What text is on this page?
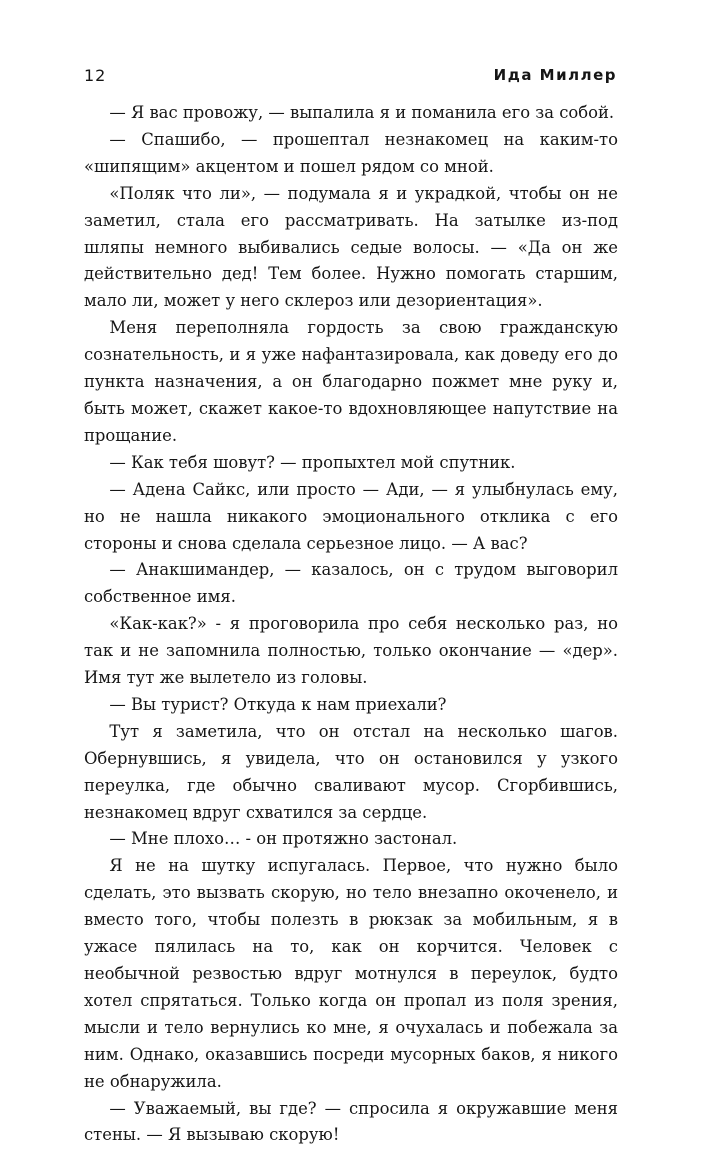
12	Ида Миллер

— Я вас провожу, — выпалила я и поманила его за собой.

— Спашибо, — прошептал незнакомец на каким-то «шипящим» акцентом и пошел рядом со мной.

«Поляк что ли», — подумала я и украдкой, чтобы он не заметил, стала его рассматривать. На затылке из-под шляпы немного выбивались седые волосы. — «Да он же действительно дед! Тем более. Нужно помогать старшим, мало ли, может у него склероз или дезориентация».

Меня переполняла гордость за свою гражданскую сознательность, и я уже нафантазировала, как доведу его до пункта назначения, а он благодарно пожмет мне руку и, быть может, скажет какое-то вдохновляющее напутствие на прощание.

— Как тебя шовут? — пропыхтел мой спутник.

— Адена Сайкс, или просто — Ади, — я улыбнулась ему, но не нашла никакого эмоционального отклика с его стороны и снова сделала серьезное лицо. — А вас?

— Анакшимандер, — казалось, он с трудом выговорил собственное имя.

«Как-как?» - я проговорила про себя несколько раз, но так и не запомнила полностью, только окончание — «дер». Имя тут же вылетело из головы.

— Вы турист? Откуда к нам приехали?

Тут я заметила, что он отстал на несколько шагов. Обернувшись, я увидела, что он остановился у узкого переулка, где обычно сваливают мусор. Сгорбившись, незнакомец вдруг схватился за сердце.

— Мне плохо… - он протяжно застонал.

Я не на шутку испугалась. Первое, что нужно было сделать, это вызвать скорую, но тело внезапно окоченело, и вместо того, чтобы полезть в рюкзак за мобильным, я в ужасе пялилась на то, как он корчится. Человек с необычной резвостью вдруг мотнулся в переулок, будто хотел спрятаться. Только когда он пропал из поля зрения, мысли и тело вернулись ко мне, я очухалась и побежала за ним. Однако, оказавшись посреди мусорных баков, я никого не обнаружила.

— Уважаемый, вы где? — спросила я окружавшие меня стены. — Я вызываю скорую!
